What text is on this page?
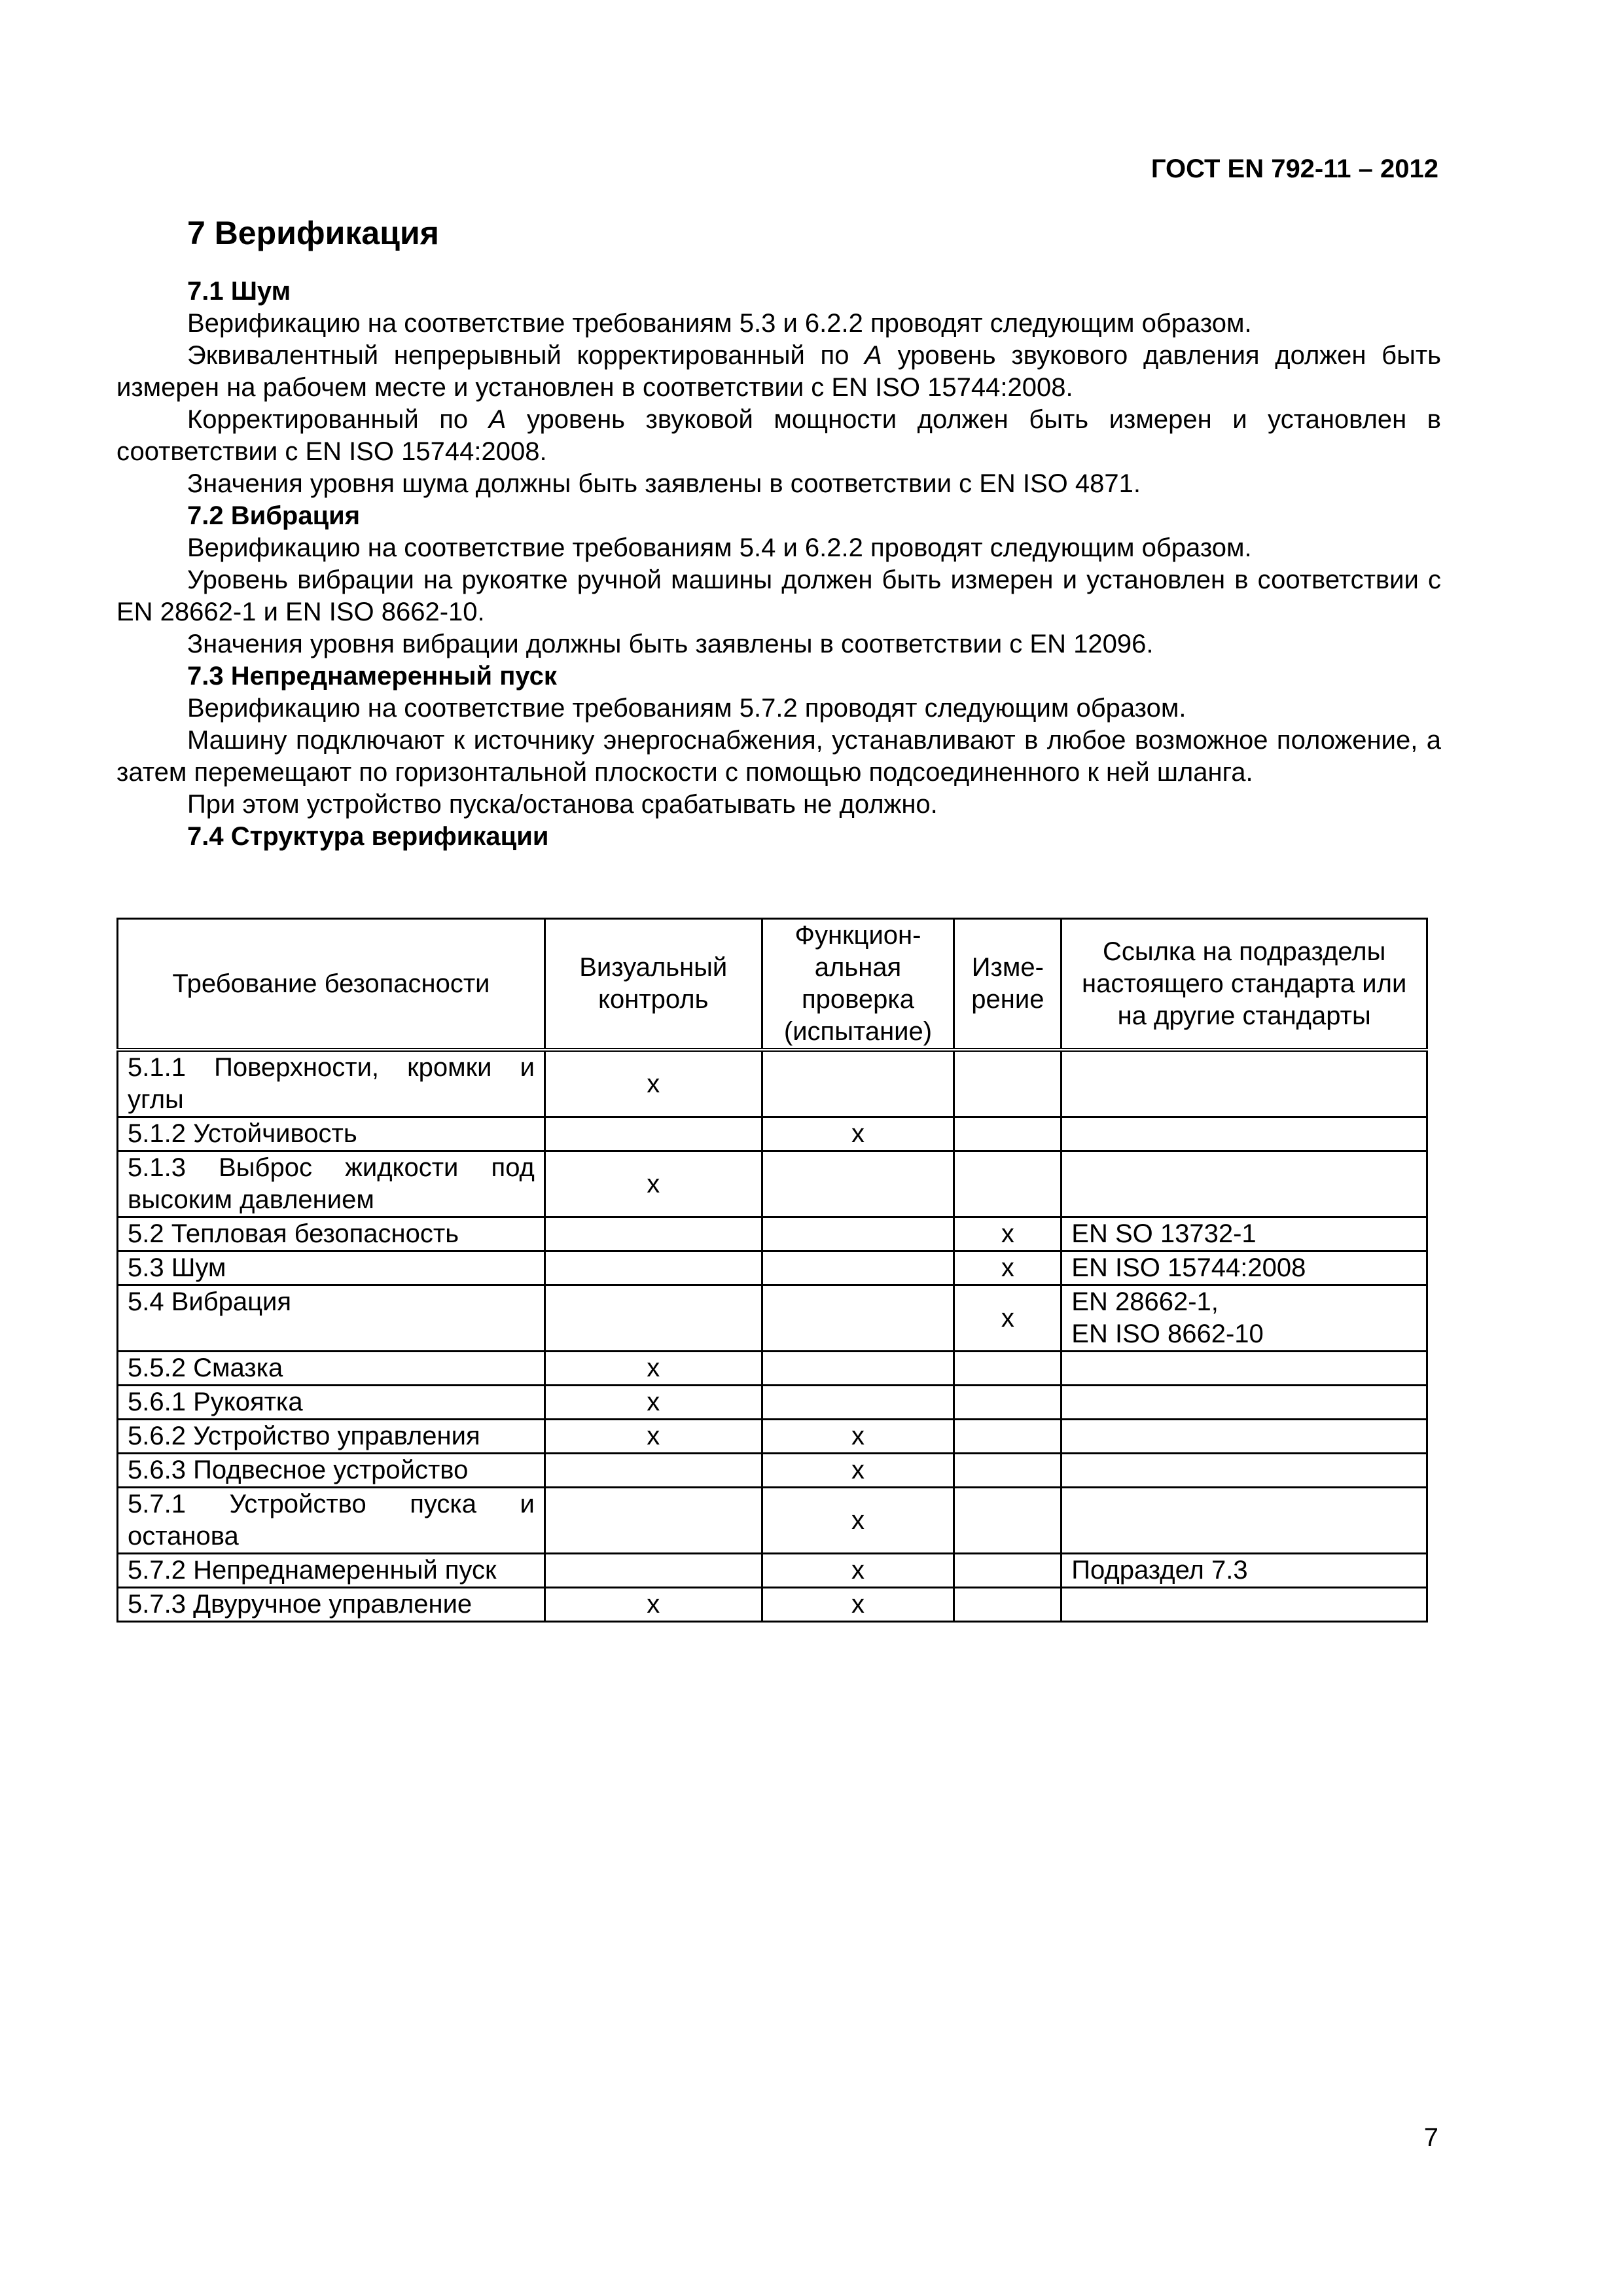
ГОСТ EN 792-11 – 2012
7 Верификация
7.1 Шум
Верификацию на соответствие требованиям 5.3 и 6.2.2 проводят следующим образом.
Эквивалентный непрерывный корректированный по A уровень звукового давления должен быть измерен на рабочем месте и установлен в соответствии с EN ISO 15744:2008.
Корректированный по A уровень звуковой мощности должен быть измерен и установлен в соответствии с EN ISO 15744:2008.
Значения уровня шума должны быть заявлены в соответствии с EN ISO 4871.
7.2 Вибрация
Верификацию на соответствие требованиям 5.4 и 6.2.2 проводят следующим образом.
Уровень вибрации на рукоятке ручной машины должен быть измерен и установлен в соответствии с EN 28662-1 и EN ISO 8662-10.
Значения уровня вибрации должны быть заявлены в соответствии с EN 12096.
7.3 Непреднамеренный пуск
Верификацию на соответствие требованиям 5.7.2 проводят следующим образом.
Машину подключают к источнику энергоснабжения, устанавливают в любое возможное положение, а затем перемещают по горизонтальной плоскости с помощью подсоединенного к ней шланга.
При этом устройство пуска/останова срабатывать не должно.
7.4 Структура верификации
Требование безопасности	Визуальный контроль	Функцион-альная проверка (испытание)	Изме-рение	Ссылка на подразделы настоящего стандарта или на другие стандарты
5.1.1 Поверхности, кромки и углы	x			
5.1.2 Устойчивость		x		
5.1.3 Выброс жидкости под высоким давлением	x			
5.2 Тепловая безопасность			x	EN SO 13732-1
5.3 Шум			x	EN ISO 15744:2008
5.4 Вибрация			x	EN 28662-1,
EN ISO 8662-10

5.5.2 Смазка	x			
5.6.1 Рукоятка	x			
5.6.2 Устройство управления	x	x		
5.6.3 Подвесное устройство		x		
5.7.1 Устройство пуска и останова		x		
5.7.2 Непреднамеренный пуск		x		Подраздел 7.3
5.7.3 Двуручное управление	x	x		
7
